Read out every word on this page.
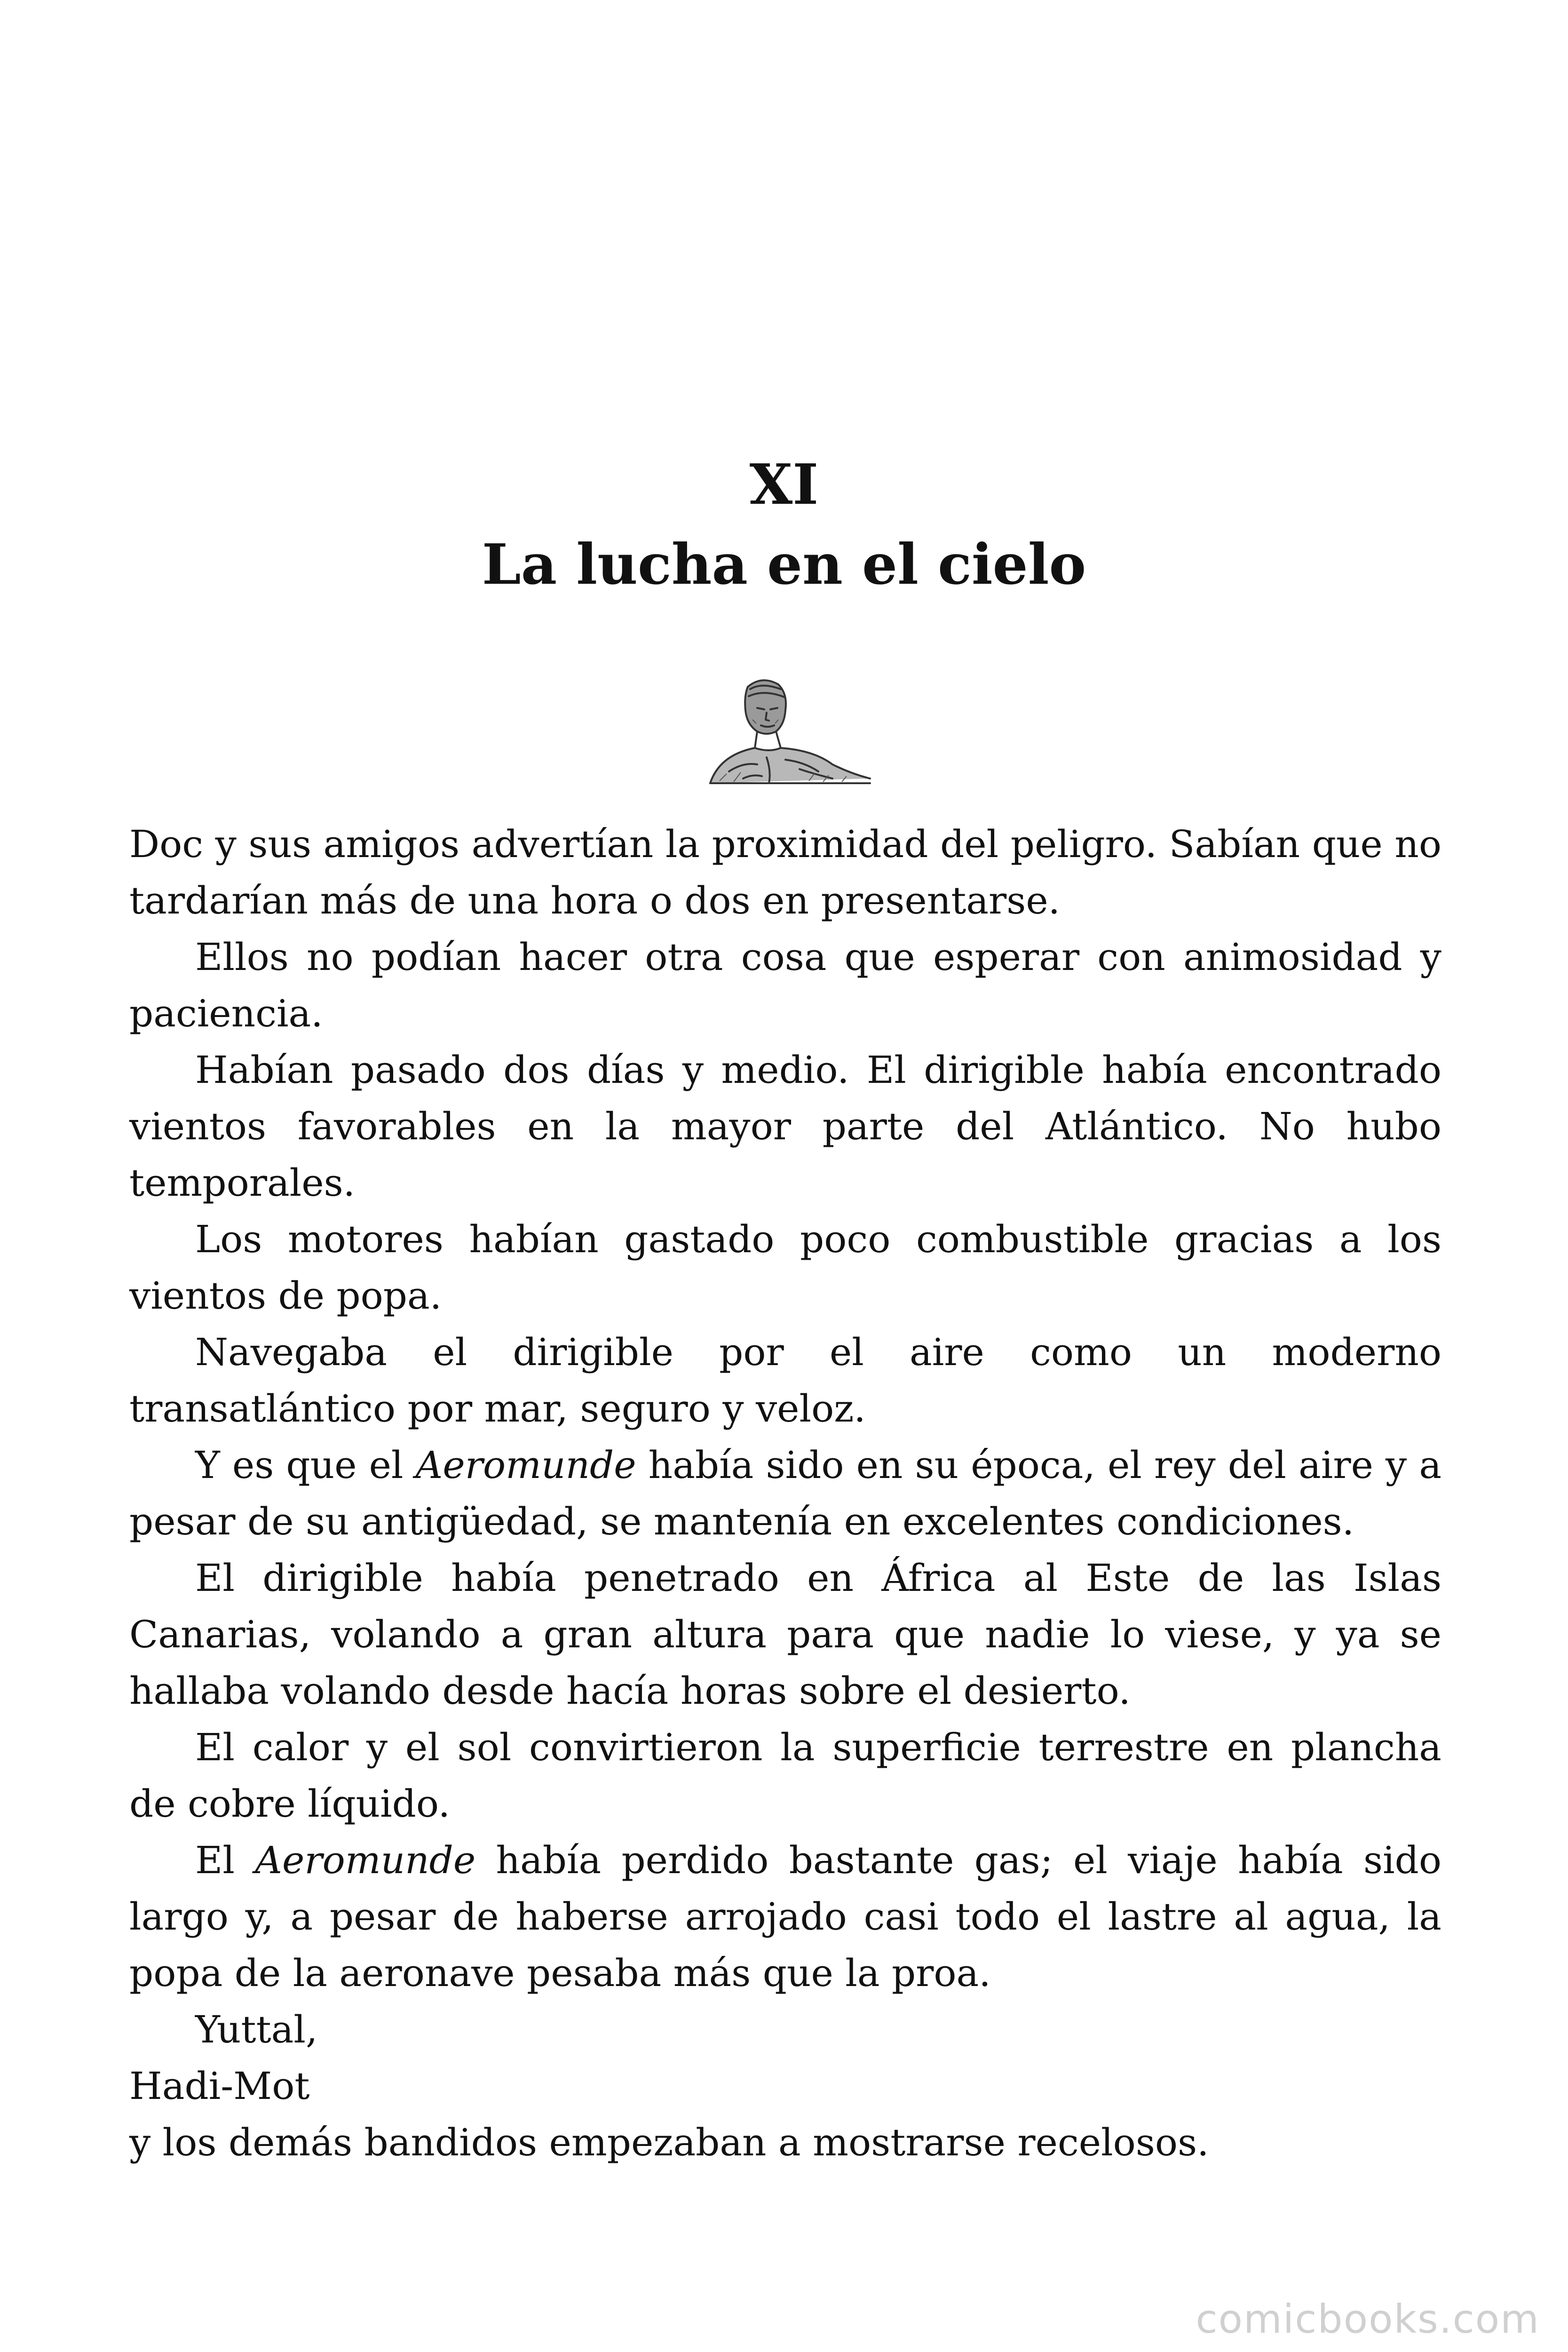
XI
La lucha en el cielo

Doc y sus amigos advertían la proximidad del peligro. Sabían que no tardarían más de una hora o dos en presentarse.

Ellos no podían hacer otra cosa que esperar con animosidad y paciencia.

Habían pasado dos días y medio. El dirigible había encontrado vientos favorables en la mayor parte del Atlántico. No hubo temporales.

Los motores habían gastado poco combustible gracias a los vientos de popa.

Navegaba el dirigible por el aire como un moderno transatlántico por mar, seguro y veloz.

Y es que el Aeromunde había sido en su época, el rey del aire y a pesar de su antigüedad, se mantenía en excelentes condiciones.

El dirigible había penetrado en África al Este de las Islas Canarias, volando a gran altura para que nadie lo viese, y ya se hallaba volando desde hacía horas sobre el desierto.

El calor y el sol convirtieron la superficie terrestre en plancha de cobre líquido.

El Aeromunde había perdido bastante gas; el viaje había sido largo y, a pesar de haberse arrojado casi todo el lastre al agua, la popa de la aeronave pesaba más que la proa.

Yuttal,

Hadi-Mot

y los demás bandidos empezaban a mostrarse recelosos.

comicbooks.com
